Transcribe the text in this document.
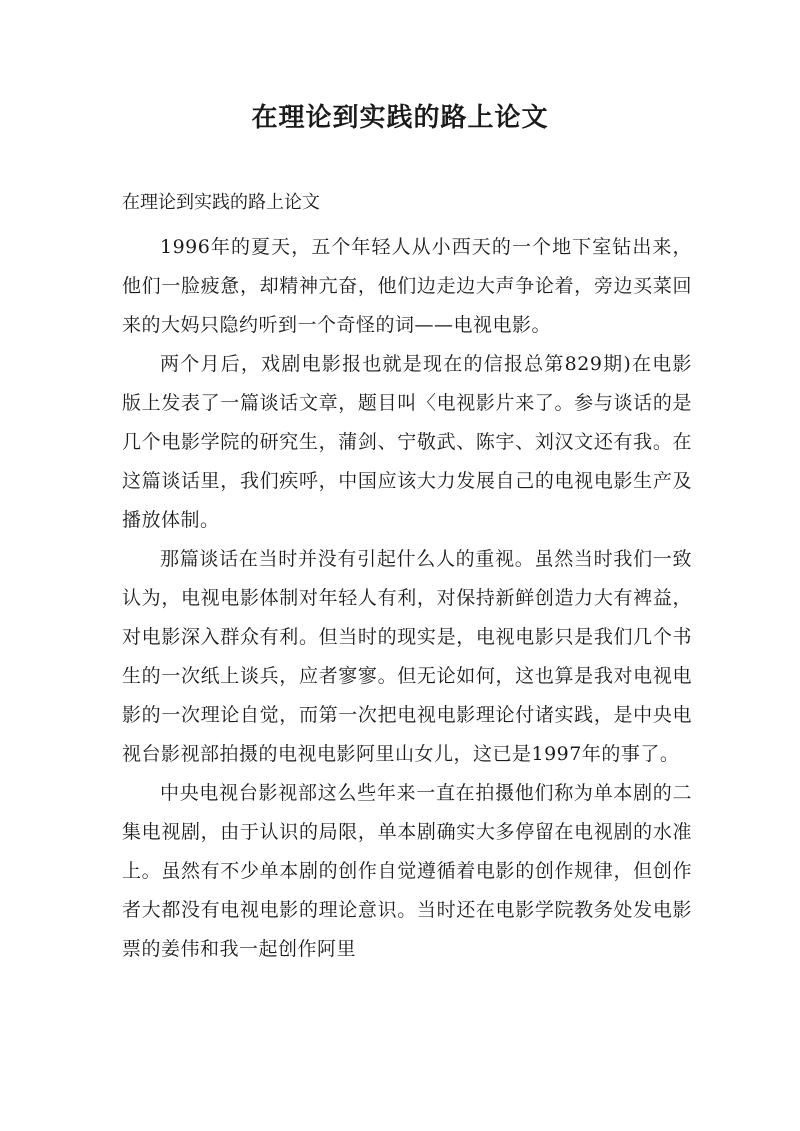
在理论到实践的路上论文

在理论到实践的路上论文

1996年的夏天，五个年轻人从小西天的一个地下室钻出来，他们一脸疲惫，却精神亢奋，他们边走边大声争论着，旁边买菜回来的大妈只隐约听到一个奇怪的词——电视电影。

两个月后，戏剧电影报也就是现在的信报总第829期)在电影版上发表了一篇谈话文章，题目叫〈电视影片来了。参与谈话的是几个电影学院的研究生，蒲剑、宁敬武、陈宇、刘汉文还有我。在这篇谈话里，我们疾呼，中国应该大力发展自己的电视电影生产及播放体制。

那篇谈话在当时并没有引起什么人的重视。虽然当时我们一致认为，电视电影体制对年轻人有利，对保持新鲜创造力大有裨益，对电影深入群众有利。但当时的现实是，电视电影只是我们几个书生的一次纸上谈兵，应者寥寥。但无论如何，这也算是我对电视电影的一次理论自觉，而第一次把电视电影理论付诸实践，是中央电视台影视部拍摄的电视电影阿里山女儿，这已是1997年的事了。

中央电视台影视部这么些年来一直在拍摄他们称为单本剧的二集电视剧，由于认识的局限，单本剧确实大多停留在电视剧的水准上。虽然有不少单本剧的创作自觉遵循着电影的创作规律，但创作者大都没有电视电影的理论意识。当时还在电影学院教务处发电影票的姜伟和我一起创作阿里
